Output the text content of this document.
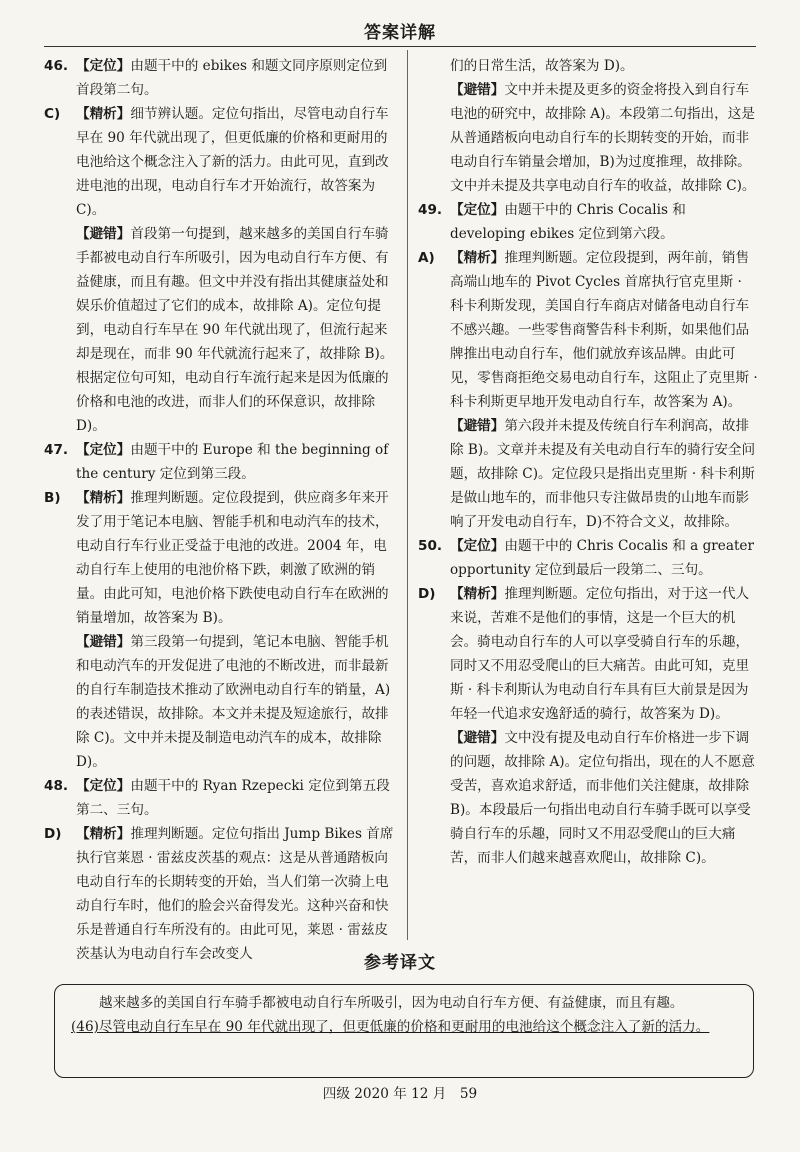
答案详解
46. 【定位】由题干中的 ebikes 和题文同序原则定位到首段第二句。
C) 【精析】细节辨认题。定位句指出，尽管电动自行车早在 90 年代就出现了，但更低廉的价格和更耐用的电池给这个概念注入了新的活力。由此可见，直到改进电池的出现，电动自行车才开始流行，故答案为 C)。
【避错】首段第一句提到，越来越多的美国自行车骑手都被电动自行车所吸引，因为电动自行车方便、有益健康，而且有趣。但文中并没有指出其健康益处和娱乐价值超过了它们的成本，故排除 A)。定位句提到，电动自行车早在 90 年代就出现了，但流行起来却是现在，而非 90 年代就流行起来了，故排除 B)。根据定位句可知，电动自行车流行起来是因为低廉的价格和电池的改进，而非人们的环保意识，故排除 D)。
47. 【定位】由题干中的 Europe 和 the beginning of the century 定位到第三段。
B) 【精析】推理判断题。定位段提到，供应商多年来开发了用于笔记本电脑、智能手机和电动汽车的技术，电动自行车行业正受益于电池的改进。2004 年，电动自行车上使用的电池价格下跌，刺激了欧洲的销量。由此可知，电池价格下跌使电动自行车在欧洲的销量增加，故答案为 B)。
【避错】第三段第一句提到，笔记本电脑、智能手机和电动汽车的开发促进了电池的不断改进，而非最新的自行车制造技术推动了欧洲电动自行车的销量，A)的表述错误，故排除。本文并未提及短途旅行，故排除 C)。文中并未提及制造电动汽车的成本，故排除 D)。
48. 【定位】由题干中的 Ryan Rzepecki 定位到第五段第二、三句。
D) 【精析】推理判断题。定位句指出 Jump Bikes 首席执行官莱恩 · 雷兹皮茨基的观点：这是从普通踏板向电动自行车的长期转变的开始，当人们第一次骑上电动自行车时，他们的脸会兴奋得发光。这种兴奋和快乐是普通自行车所没有的。由此可见，莱恩 · 雷兹皮茨基认为电动自行车会改变人
们的日常生活，故答案为 D)。
【避错】文中并未提及更多的资金将投入到自行车电池的研究中，故排除 A)。本段第二句指出，这是从普通踏板向电动自行车的长期转变的开始，而非电动自行车销量会增加，B)为过度推理，故排除。文中并未提及共享电动自行车的收益，故排除 C)。
49. 【定位】由题干中的 Chris Cocalis 和 developing ebikes 定位到第六段。
A) 【精析】推理判断题。定位段提到，两年前，销售高端山地车的 Pivot Cycles 首席执行官克里斯 · 科卡利斯发现，美国自行车商店对储备电动自行车不感兴趣。一些零售商警告科卡利斯，如果他们品牌推出电动自行车，他们就放弃该品牌。由此可见，零售商拒绝交易电动自行车，这阻止了克里斯 · 科卡利斯更早地开发电动自行车，故答案为 A)。
【避错】第六段并未提及传统自行车利润高，故排除 B)。文章并未提及有关电动自行车的骑行安全问题，故排除 C)。定位段只是指出克里斯 · 科卡利斯是做山地车的，而非他只专注做昂贵的山地车而影响了开发电动自行车，D)不符合文义，故排除。
50. 【定位】由题干中的 Chris Cocalis 和 a greater opportunity 定位到最后一段第二、三句。
D) 【精析】推理判断题。定位句指出，对于这一代人来说，苦难不是他们的事情，这是一个巨大的机会。骑电动自行车的人可以享受骑自行车的乐趣，同时又不用忍受爬山的巨大痛苦。由此可知，克里斯 · 科卡利斯认为电动自行车具有巨大前景是因为年轻一代追求安逸舒适的骑行，故答案为 D)。
【避错】文中没有提及电动自行车价格进一步下调的问题，故排除 A)。定位句指出，现在的人不愿意受苦，喜欢追求舒适，而非他们关注健康，故排除 B)。本段最后一句指出电动自行车骑手既可以享受骑自行车的乐趣，同时又不用忍受爬山的巨大痛苦，而非人们越来越喜欢爬山，故排除 C)。
参考译文
越来越多的美国自行车骑手都被电动自行车所吸引，因为电动自行车方便、有益健康，而且有趣。
(46)尽管电动自行车早在 90 年代就出现了，但更低廉的价格和更耐用的电池给这个概念注入了新的活力。
四级 2020 年 12 月　59
